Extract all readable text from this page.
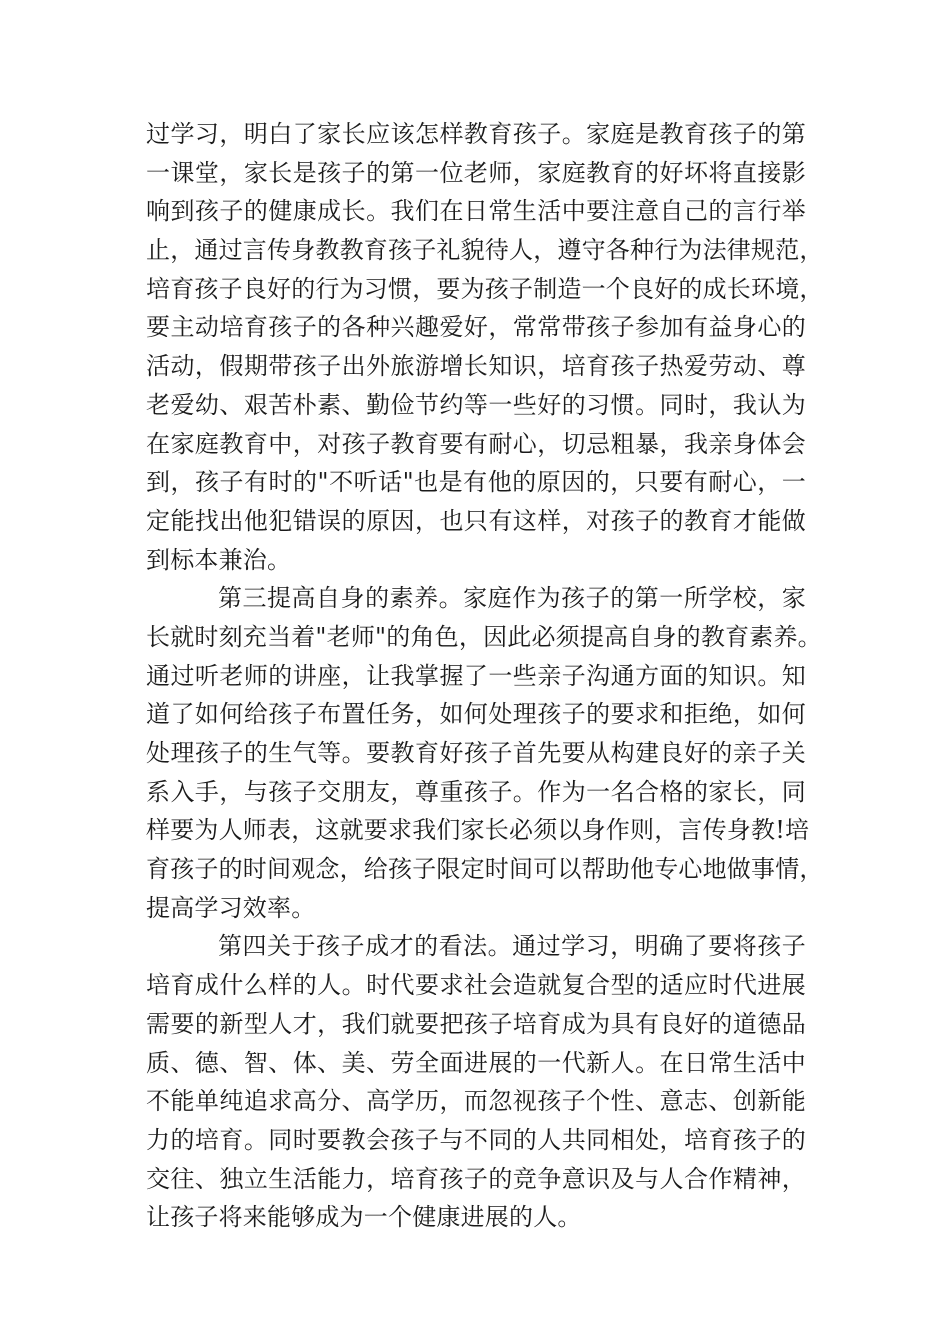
过学习，明白了家长应该怎样教育孩子。家庭是教育孩子的第
一课堂，家长是孩子的第一位老师，家庭教育的好坏将直接影
响到孩子的健康成长。我们在日常生活中要注意自己的言行举
止，通过言传身教教育孩子礼貌待人，遵守各种行为法律规范，
培育孩子良好的行为习惯，要为孩子制造一个良好的成长环境，
要主动培育孩子的各种兴趣爱好，常常带孩子参加有益身心的
活动，假期带孩子出外旅游增长知识，培育孩子热爱劳动、尊
老爱幼、艰苦朴素、勤俭节约等一些好的习惯。同时，我认为
在家庭教育中，对孩子教育要有耐心，切忌粗暴，我亲身体会
到，孩子有时的"不听话"也是有他的原因的，只要有耐心，一
定能找出他犯错误的原因，也只有这样，对孩子的教育才能做
到标本兼治。
第三提高自身的素养。家庭作为孩子的第一所学校，家
长就时刻充当着"老师"的角色，因此必须提高自身的教育素养。
通过听老师的讲座，让我掌握了一些亲子沟通方面的知识。知
道了如何给孩子布置任务，如何处理孩子的要求和拒绝，如何
处理孩子的生气等。要教育好孩子首先要从构建良好的亲子关
系入手，与孩子交朋友，尊重孩子。作为一名合格的家长，同
样要为人师表，这就要求我们家长必须以身作则，言传身教!培
育孩子的时间观念，给孩子限定时间可以帮助他专心地做事情，
提高学习效率。
第四关于孩子成才的看法。通过学习，明确了要将孩子
培育成什么样的人。时代要求社会造就复合型的适应时代进展
需要的新型人才，我们就要把孩子培育成为具有良好的道德品
质、德、智、体、美、劳全面进展的一代新人。在日常生活中
不能单纯追求高分、高学历，而忽视孩子个性、意志、创新能
力的培育。同时要教会孩子与不同的人共同相处，培育孩子的
交往、独立生活能力，培育孩子的竞争意识及与人合作精神，
让孩子将来能够成为一个健康进展的人。
